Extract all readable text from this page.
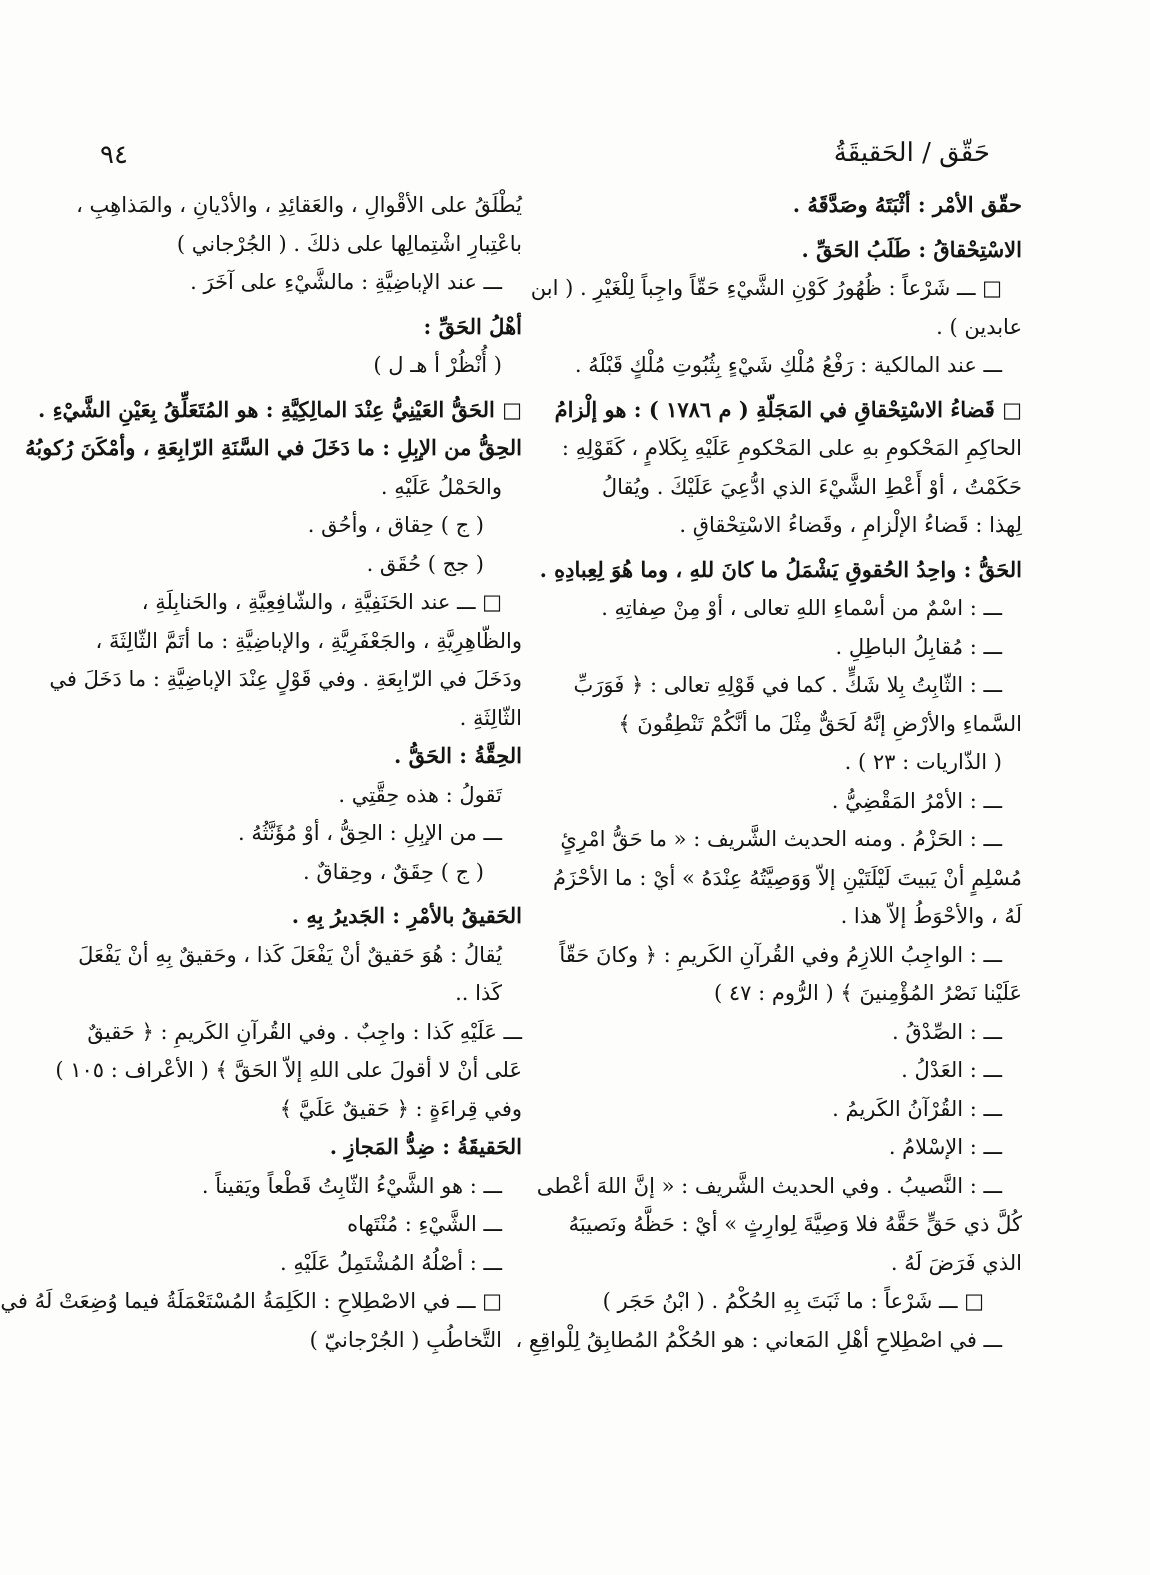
٩٤	حَقّق / الحَقيقَةُ
حقّق الأمْر : أثْبَتَهُ وصَدَّقَهُ .
الاسْتِحْقاقُ : طَلَبُ الحَقِّ .
□ ـــ شَرْعاً : ظُهُورُ كَوْنِ الشَّيْءِ حَقّاً واجِباً لِلْغَيْرِ . ( ابن
عابدين ) .
ـــ عند المالكية : رَفْعُ مُلْكِ شَيْءٍ بِثُبُوتِ مُلْكٍ قَبْلَهُ .
□ قَضاءُ الاسْتِحْقاقِ في المَجَلّةِ ( م ١٧٨٦ ) : هو إلْزامُ
الحاكِمِ المَحْكومِ بهِ على المَحْكومِ عَلَيْهِ بِكَلامٍ ، كَقَوْلِهِ :
حَكَمْتُ ، أوْ أَعْطِ الشَّيْءَ الذي ادُّعِيَ عَلَيْكَ . ويُقالُ
لِهذا : قَضاءُ الإلْزامِ ، وقَضاءُ الاسْتِحْقاقِ .
الحَقُّ : واحِدُ الحُقوقِ يَشْمَلُ ما كانَ للهِ ، وما هُوَ لِعِبادِهِ .
ـــ : اسْمٌ من أسْماءِ اللهِ تعالى ، أوْ مِنْ صِفاتِهِ .
ـــ : مُقابِلُ الباطِلِ .
ـــ : الثّابِتُ بِلا شَكٍّ . كما في قَوْلِهِ تعالى : ﴿ فَوَرَبِّ
السَّماءِ والأرْضِ إنَّهُ لَحَقٌّ مِثْلَ ما أنَّكُمْ تَنْطِقُونَ ﴾
( الذّاريات : ٢٣ ) .
ـــ : الأمْرُ المَقْضِيُّ .
ـــ : الحَزْمُ . ومنه الحديث الشَّريف : « ما حَقُّ امْرِئٍ
مُسْلِمٍ أنْ يَبيتَ لَيْلَتَيْنِ إلاّ وَوَصِيَّتُهُ عِنْدَهُ » أيْ : ما الأحْزَمُ
لَهُ ، والأحْوَطُ إلاّ هذا .
ـــ : الواجِبُ اللازِمُ وفي القُرآنِ الكَريمِ : ﴿ وكانَ حَقّاً
عَلَيْنا نَصْرُ المُؤْمِنينَ ﴾ ( الرُّوم : ٤٧ )
ـــ : الصِّدْقُ .
ـــ : العَدْلُ .
ـــ : القُرْآنُ الكَريمُ .
ـــ : الإسْلامُ .
ـــ : النَّصيبُ . وفي الحديث الشَّريف : « إنَّ اللهَ أعْطى
كُلَّ ذي حَقٍّ حَقَّهُ فلا وَصِيَّةَ لِوارِثٍ » أيْ : حَظَّهُ ونَصيبَهُ
الذي فَرَضَ لَهُ .
□ ـــ شَرْعاً : ما ثَبَتَ بِهِ الحُكْمُ . ( ابْنُ حَجَر )
ـــ في اصْطِلاحِ أهْلِ المَعاني : هو الحُكْمُ المُطابِقُ لِلْواقِعِ ،
يُطْلَقُ على الأقْوالِ ، والعَقائِدِ ، والأدْيانِ ، والمَذاهِبِ ،
باعْتِبارِ اشْتِمالِها على ذلكَ . ( الجُرْجاني )
ـــ عند الإباضِيَّةِ : مالشَّيْءِ على آخَرَ .
أهْلُ الحَقِّ :
( أُنْظُرْ أ هـ ل )
□ الحَقُّ العَيْنِيُّ عِنْدَ المالِكِيَّةِ : هو المُتَعَلِّقُ بِعَيْنِ الشَّيْءِ .
الحِقُّ من الإبِلِ : ما دَخَلَ في السَّنَةِ الرّابِعَةِ ، وأمْكَنَ رُكوبُهُ
والحَمْلُ عَلَيْهِ .
( ج ) حِقاق ، وأحُق .
( جج ) حُقَق .
□ ـــ عند الحَنَفِيَّةِ ، والشّافِعِيَّةِ ، والحَنابِلَةِ ،
والظّاهِرِيَّةِ ، والجَعْفَرِيَّةِ ، والإباضِيَّةِ : ما أتَمَّ الثّالِثَةَ ،
ودَخَلَ في الرّابِعَةِ . وفي قَوْلٍ عِنْدَ الإباضِيَّةِ : ما دَخَلَ في
الثّالِثَةِ .
الحِقَّةُ : الحَقُّ .
تَقولُ : هذه حِقَّتِي .
ـــ من الإبِلِ : الحِقُّ ، أوْ مُؤَنَّثُهُ .
( ج ) حِقَقٌ ، وحِقاقٌ .
الحَقيقُ بالأمْرِ : الجَديرُ بِهِ .
يُقالُ : هُوَ حَقيقٌ أنْ يَفْعَلَ كَذا ، وحَقيقٌ بِهِ أنْ يَفْعَلَ
كَذا ..
ـــ عَلَيْهِ كَذا : واجِبٌ . وفي القُرآنِ الكَريمِ : ﴿ حَقيقٌ
عَلى أنْ لا أقولَ على اللهِ إلاّ الحَقَّ ﴾ ( الأعْراف : ١٠٥ )
وفي قِراءَةٍ : ﴿ حَقيقٌ عَلَيَّ ﴾
الحَقيقَةُ : ضِدُّ المَجازِ .
ـــ : هو الشَّيْءُ الثّابِتُ قَطْعاً ويَقيناً .
ـــ الشَّيْءِ : مُنْتَهاه
ـــ : أصْلُهُ المُشْتَمِلُ عَلَيْهِ .
□ ـــ في الاصْطِلاحِ : الكَلِمَةُ المُسْتَعْمَلَةُ فيما وُضِعَتْ لَهُ في
التَّخاطُبِ ( الجُرْجانيّ )
